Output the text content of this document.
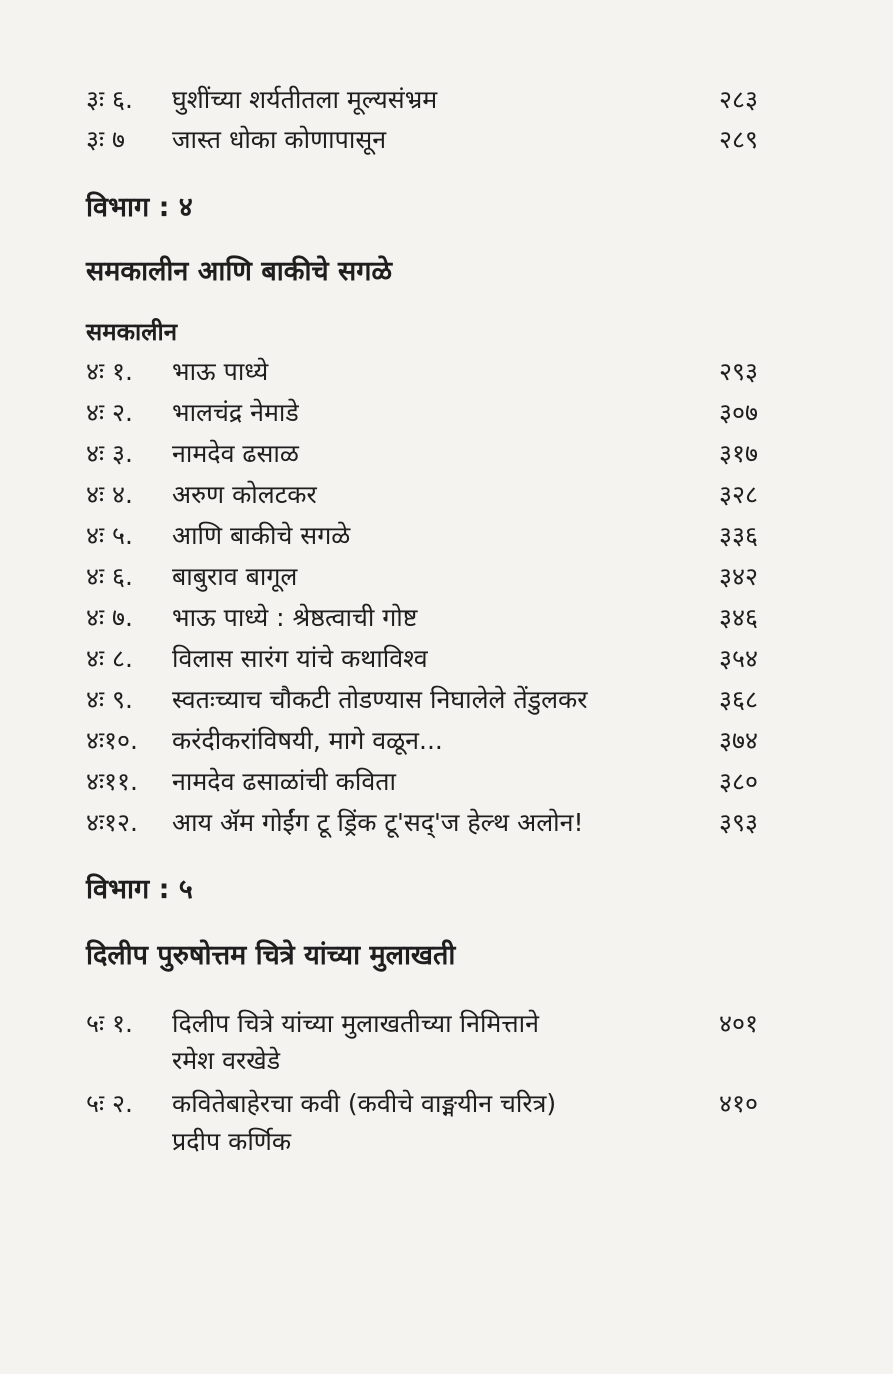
३ः ६. घुशींच्या शर्यतीतला मूल्यसंभ्रम	२८३
३ः ७ जास्त धोका कोणापासून	२८९
विभाग : ४
समकालीन आणि बाकीचे सगळे
समकालीन
४ः १. भाऊ पाध्ये	२९३
४ः २. भालचंद्र नेमाडे	३०७
४ः ३. नामदेव ढसाळ	३१७
४ः ४. अरुण कोलटकर	३२८
४ः ५. आणि बाकीचे सगळे	३३६
४ः ६. बाबुराव बागूल	३४२
४ः ७. भाऊ पाध्ये : श्रेष्ठत्वाची गोष्ट	३४६
४ः ८. विलास सारंग यांचे कथाविश्व	३५४
४ः ९. स्वतःच्याच चौकटी तोडण्यास निघालेले तेंडुलकर	३६८
४ः१०. करंदीकरांविषयी, मागे वळून...	३७४
४ः११. नामदेव ढसाळांची कविता	३८०
४ः१२. आय ॲम गोईंग टू ड्रिंक टू'सद्'ज हेल्थ अलोन!	३९३
विभाग : ५
दिलीप पुरुषोत्तम चित्रे यांच्या मुलाखती
५ः १. दिलीप चित्रे यांच्या मुलाखतीच्या निमित्ताने	४०१
रमेश वरखेडे
५ः २. कवितेबाहेरचा कवी (कवीचे वाङ्मयीन चरित्र)	४१०
प्रदीप कर्णिक
